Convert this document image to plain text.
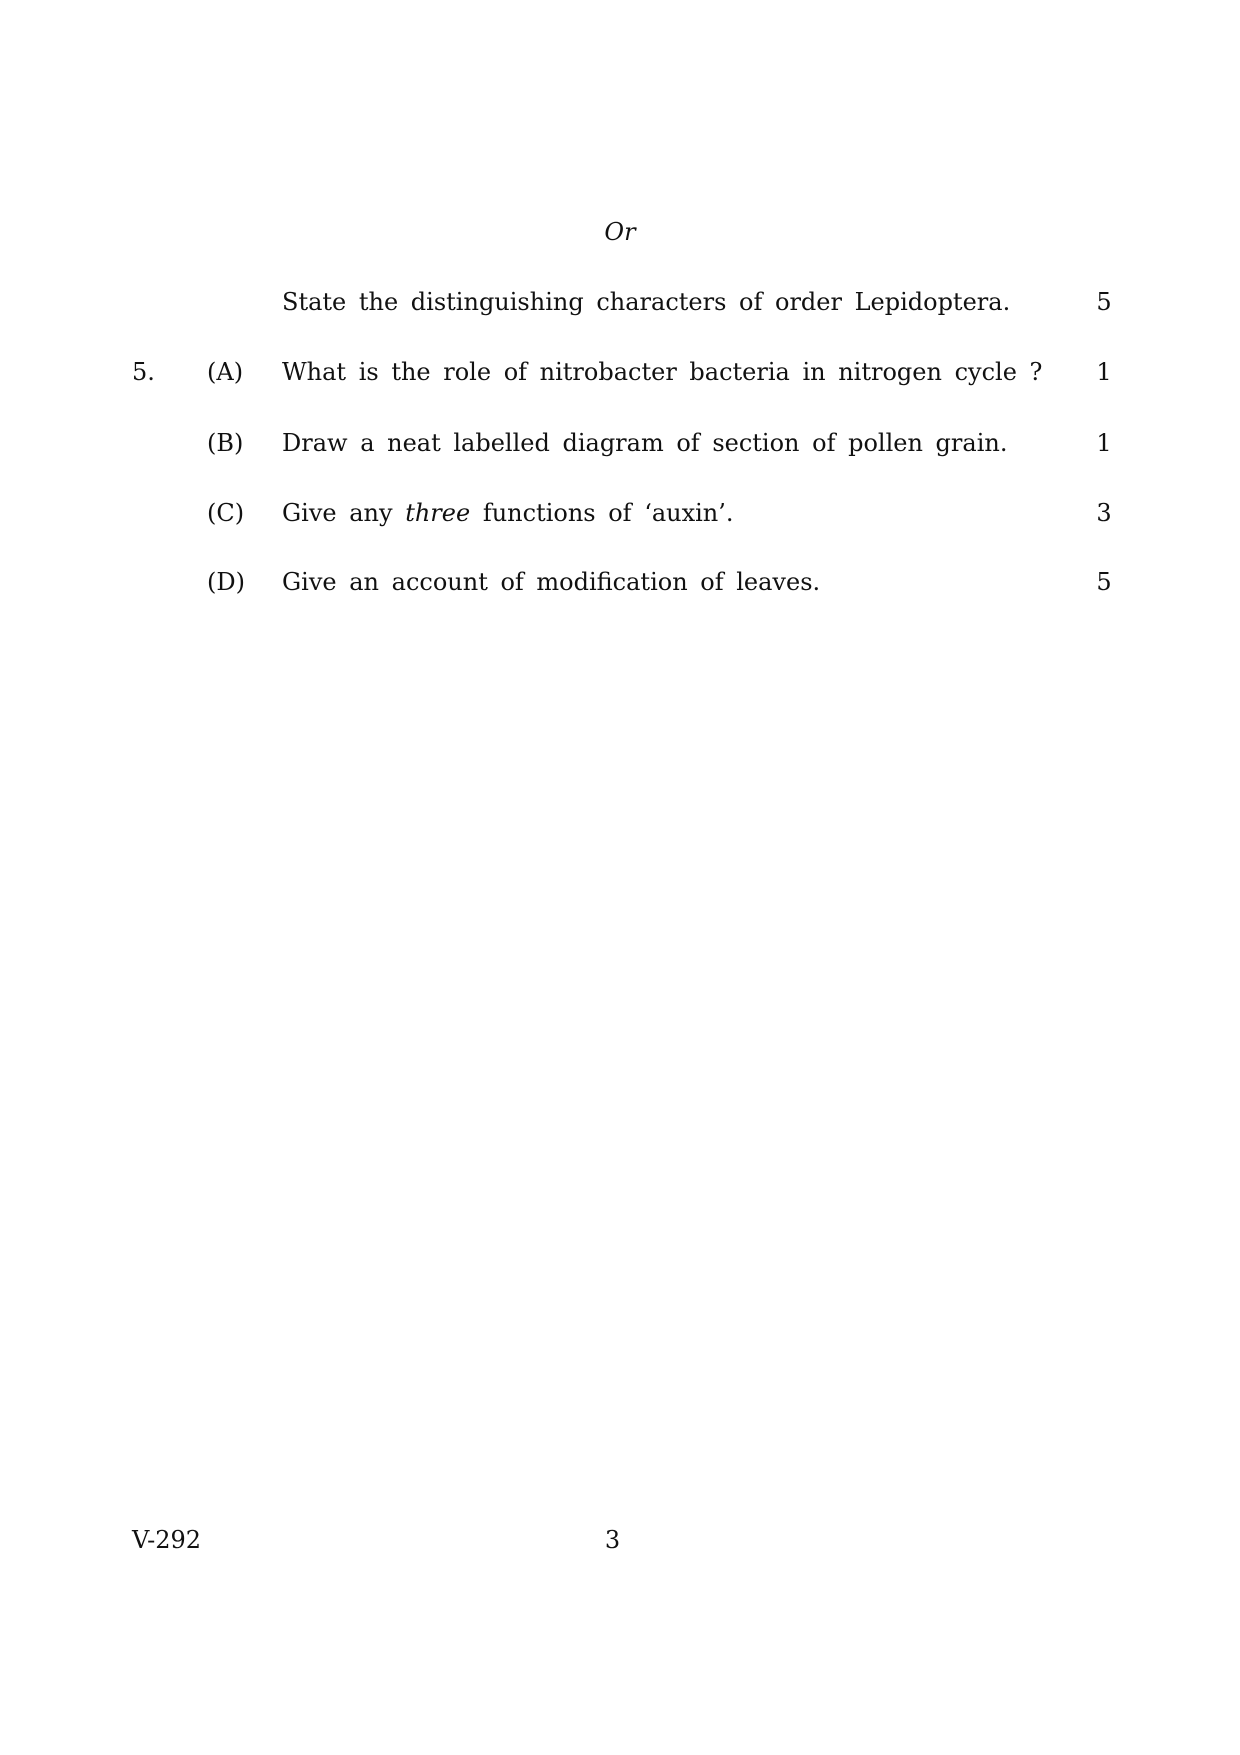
Or
State the distinguishing characters of order Lepidoptera.	5
5. (A) What is the role of nitrobacter bacteria in nitrogen cycle ? 1
(B) Draw a neat labelled diagram of section of pollen grain.	1
(C) Give any three functions of ‘auxin’.	3
(D) Give an account of modification of leaves.	5
V-292	3
